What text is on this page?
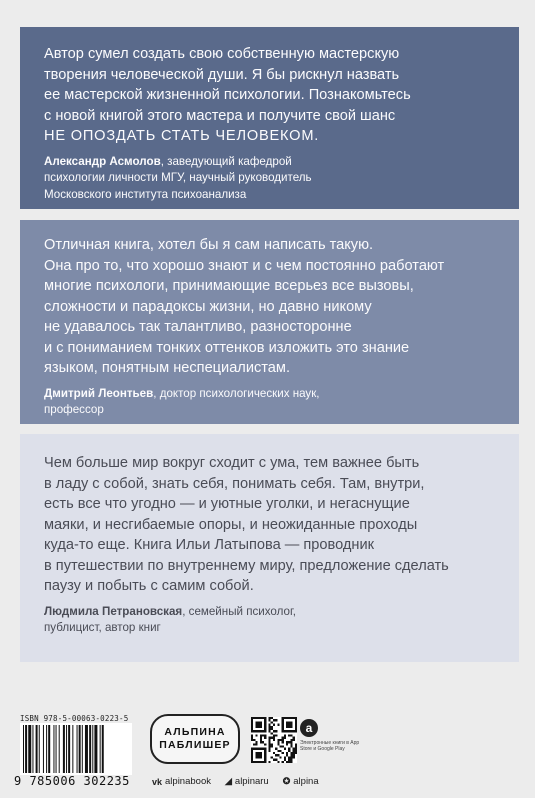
Автор сумел создать свою собственную мастерскую

творения человеческой души. Я бы рискнул назвать

ее мастерской жизненной психологии. Познакомьтесь

с новой книгой этого мастера и получите свой шанс

НЕ ОПОЗДАТЬ СТАТЬ ЧЕЛОВЕКОМ.

Александр Асмолов, заведующий кафедрой
психологии личности МГУ, научный руководитель
Московского института психоанализа

Отличная книга, хотел бы я сам написать такую.

Она про то, что хорошо знают и с чем постоянно работают

многие психологи, принимающие всерьез все вызовы,

сложности и парадоксы жизни, но давно никому

не удавалось так талантливо, разносторонне

и с пониманием тонких оттенков изложить это знание

языком, понятным неспециалистам.

Дмитрий Леонтьев, доктор психологических наук,
профессор

Чем больше мир вокруг сходит с ума, тем важнее быть

в ладу с собой, знать себя, понимать себя. Там, внутри,

есть все что угодно — и уютные уголки, и негаснущие

маяки, и несгибаемые опоры, и неожиданные проходы

куда-то еще. Книга Ильи Латыпова — проводник

в путешествии по внутреннему миру, предложение сделать

паузу и побыть с самим собой.

Людмила Петрановская, семейный психолог,
публицист, автор книг
ISBN 978-5-00063-0223-5
9 785006 302235
АЛЬПИНА
ПАБЛИШЕР
a
Электронные книги в App Store и Google Play
vk alpinabook ◢ alpinaru ✪ alpina
